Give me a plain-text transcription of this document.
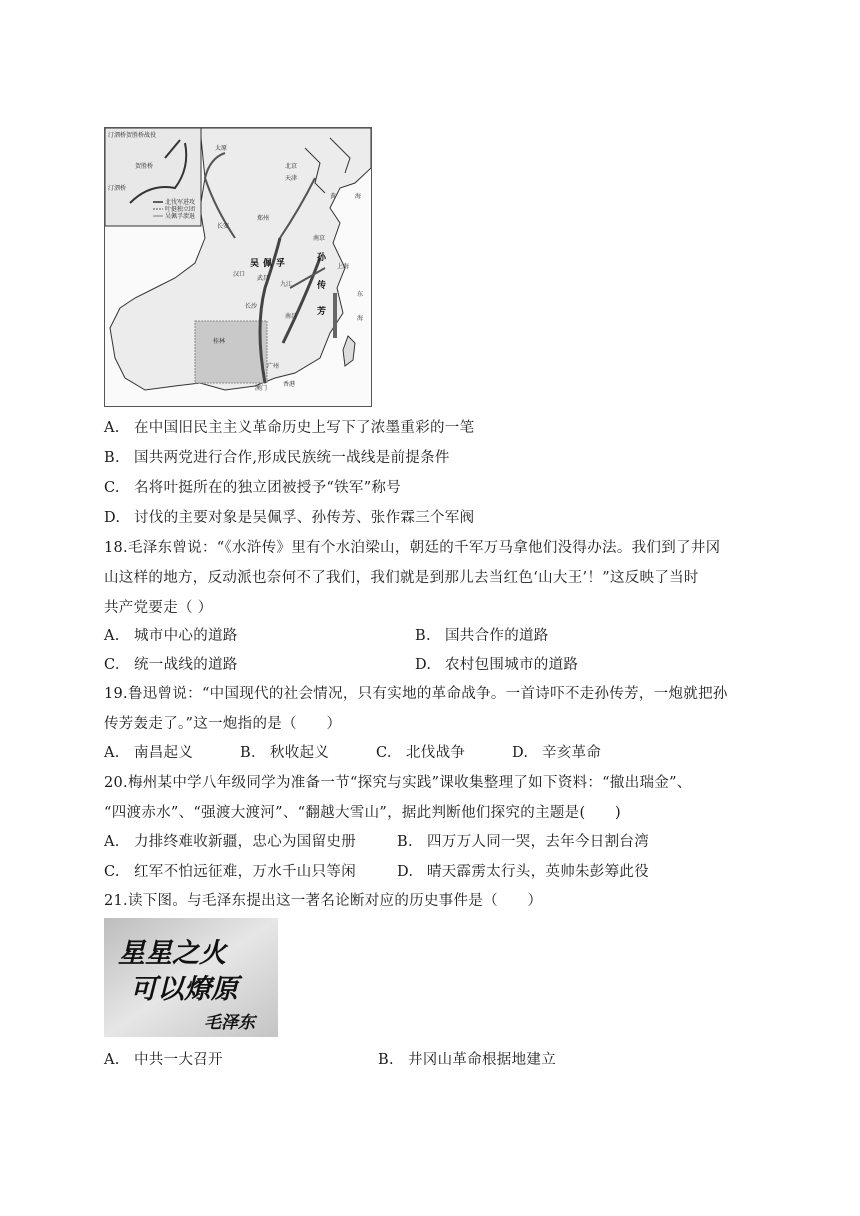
汀泗桥贺胜桥战役
贺胜桥
汀泗桥
北伐军进攻
叶挺独立团
吴佩孚溃退
北京
天津
太原
长安
郑州
汉口
武昌
九江
南京
上海
长沙
南昌
桂林
广州
香港
澳门
吴 佩 孚
孙
传
芳
黄	海
东
海
A. 在中国旧民主主义革命历史上写下了浓墨重彩的一笔
B. 国共两党进行合作,形成民族统一战线是前提条件
C. 名将叶挺所在的独立团被授予“铁军”称号
D. 讨伐的主要对象是吴佩孚、孙传芳、张作霖三个军阀
18.毛泽东曾说：“《水浒传》里有个水泊梁山，朝廷的千军万马拿他们没得办法。我们到了井冈
山这样的地方，反动派也奈何不了我们，我们就是到那儿去当红色‘山大王’！”这反映了当时
共产党要走（ ）
A. 城市中心的道路	B. 国共合作的道路
C. 统一战线的道路	D. 农村包围城市的道路
19.鲁迅曾说：“中国现代的社会情况，只有实地的革命战争。一首诗吓不走孙传芳，一炮就把孙
传芳轰走了。”这一炮指的是（　　）
A. 南昌起义	B. 秋收起义	C. 北伐战争	D. 辛亥革命
20.梅州某中学八年级同学为准备一节“探究与实践”课收集整理了如下资料：“撤出瑞金”、
“四渡赤水”、“强渡大渡河”、“翻越大雪山”，据此判断他们探究的主题是(　　)
A. 力排终难收新疆，忠心为国留史册	B. 四万万人同一哭，去年今日割台湾
C. 红军不怕远征难，万水千山只等闲	D. 晴天霹雳太行头，英帅朱彭筹此役
21.读下图。与毛泽东提出这一著名论断对应的历史事件是（　　）
星星之火
可以燎原
毛泽东
A. 中共一大召开	B. 井冈山革命根据地建立
